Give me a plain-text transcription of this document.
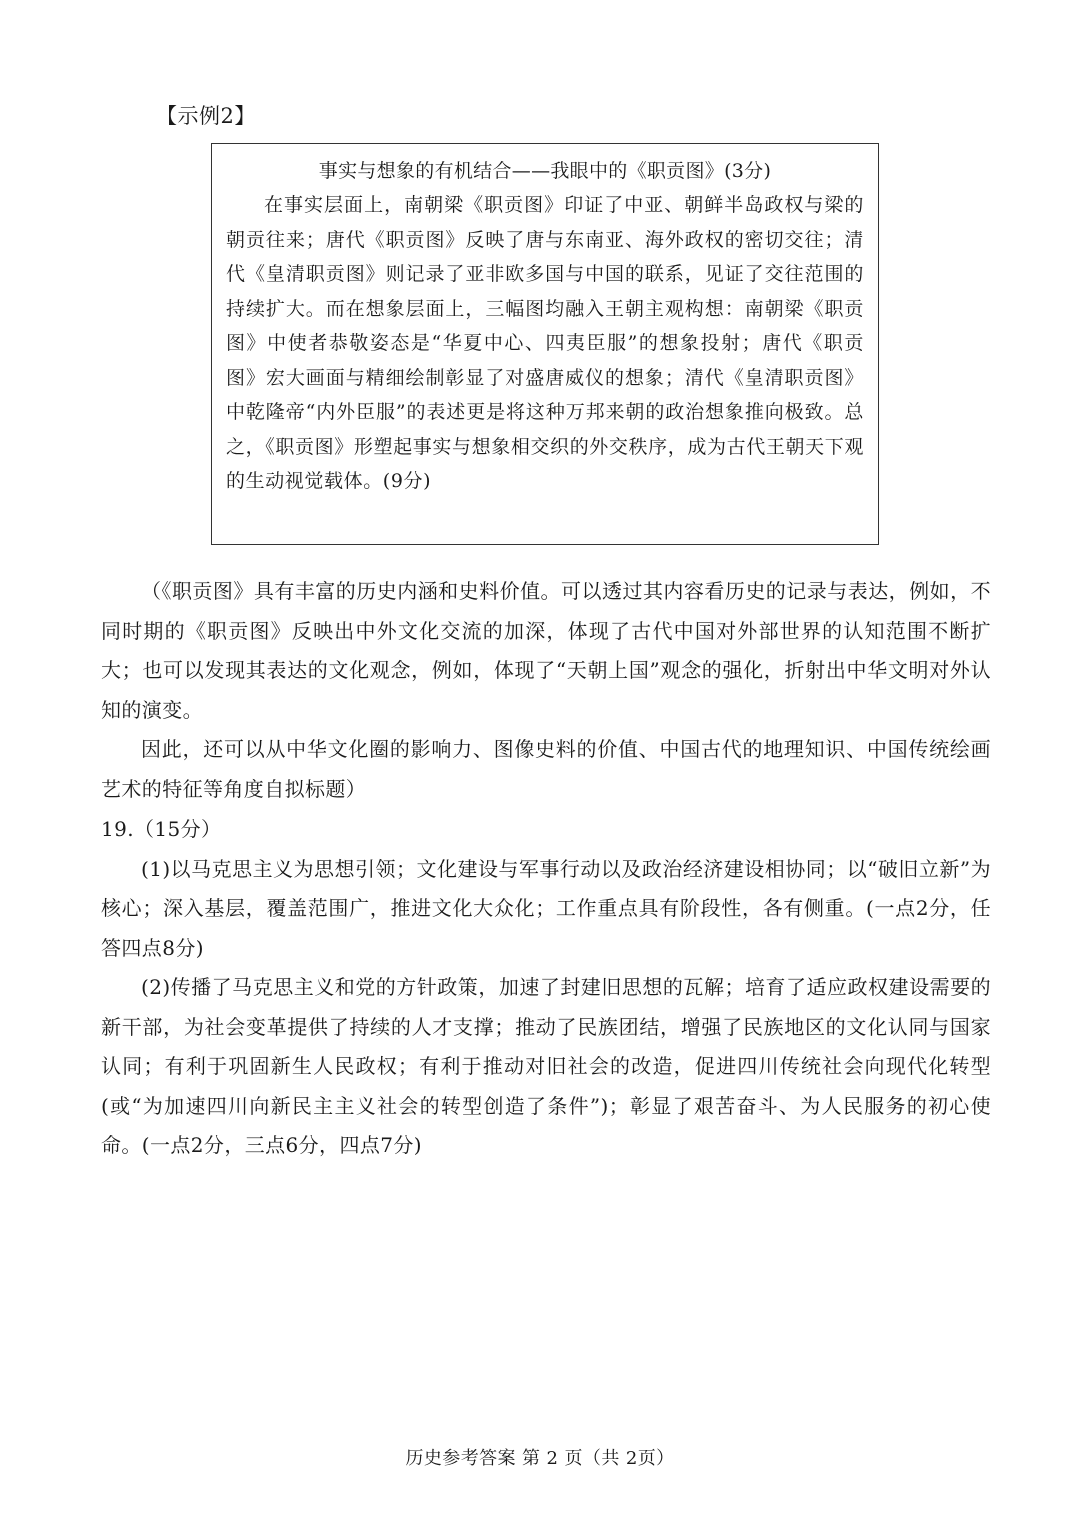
【示例2】

事实与想象的有机结合——我眼中的《职贡图》(3分)

在事实层面上，南朝梁《职贡图》印证了中亚、朝鲜半岛政权与梁的朝贡往来；唐代《职贡图》反映了唐与东南亚、海外政权的密切交往；清代《皇清职贡图》则记录了亚非欧多国与中国的联系，见证了交往范围的持续扩大。而在想象层面上，三幅图均融入王朝主观构想：南朝梁《职贡图》中使者恭敬姿态是“华夏中心、四夷臣服”的想象投射；唐代《职贡图》宏大画面与精细绘制彰显了对盛唐威仪的想象；清代《皇清职贡图》中乾隆帝“内外臣服”的表述更是将这种万邦来朝的政治想象推向极致。总之，《职贡图》形塑起事实与想象相交织的外交秩序，成为古代王朝天下观的生动视觉载体。(9分)

（《职贡图》具有丰富的历史内涵和史料价值。可以透过其内容看历史的记录与表达，例如，不同时期的《职贡图》反映出中外文化交流的加深，体现了古代中国对外部世界的认知范围不断扩大；也可以发现其表达的文化观念，例如，体现了“天朝上国”观念的强化，折射出中华文明对外认知的演变。

因此，还可以从中华文化圈的影响力、图像史料的价值、中国古代的地理知识、中国传统绘画艺术的特征等角度自拟标题）

19.（15分）

(1)以马克思主义为思想引领；文化建设与军事行动以及政治经济建设相协同；以“破旧立新”为核心；深入基层，覆盖范围广，推进文化大众化；工作重点具有阶段性，各有侧重。(一点2分，任答四点8分)

(2)传播了马克思主义和党的方针政策，加速了封建旧思想的瓦解；培育了适应政权建设需要的新干部，为社会变革提供了持续的人才支撑；推动了民族团结，增强了民族地区的文化认同与国家认同；有利于巩固新生人民政权；有利于推动对旧社会的改造，促进四川传统社会向现代化转型(或“为加速四川向新民主主义社会的转型创造了条件”)；彰显了艰苦奋斗、为人民服务的初心使命。(一点2分，三点6分，四点7分)

历史参考答案 第 2 页（共 2页）
